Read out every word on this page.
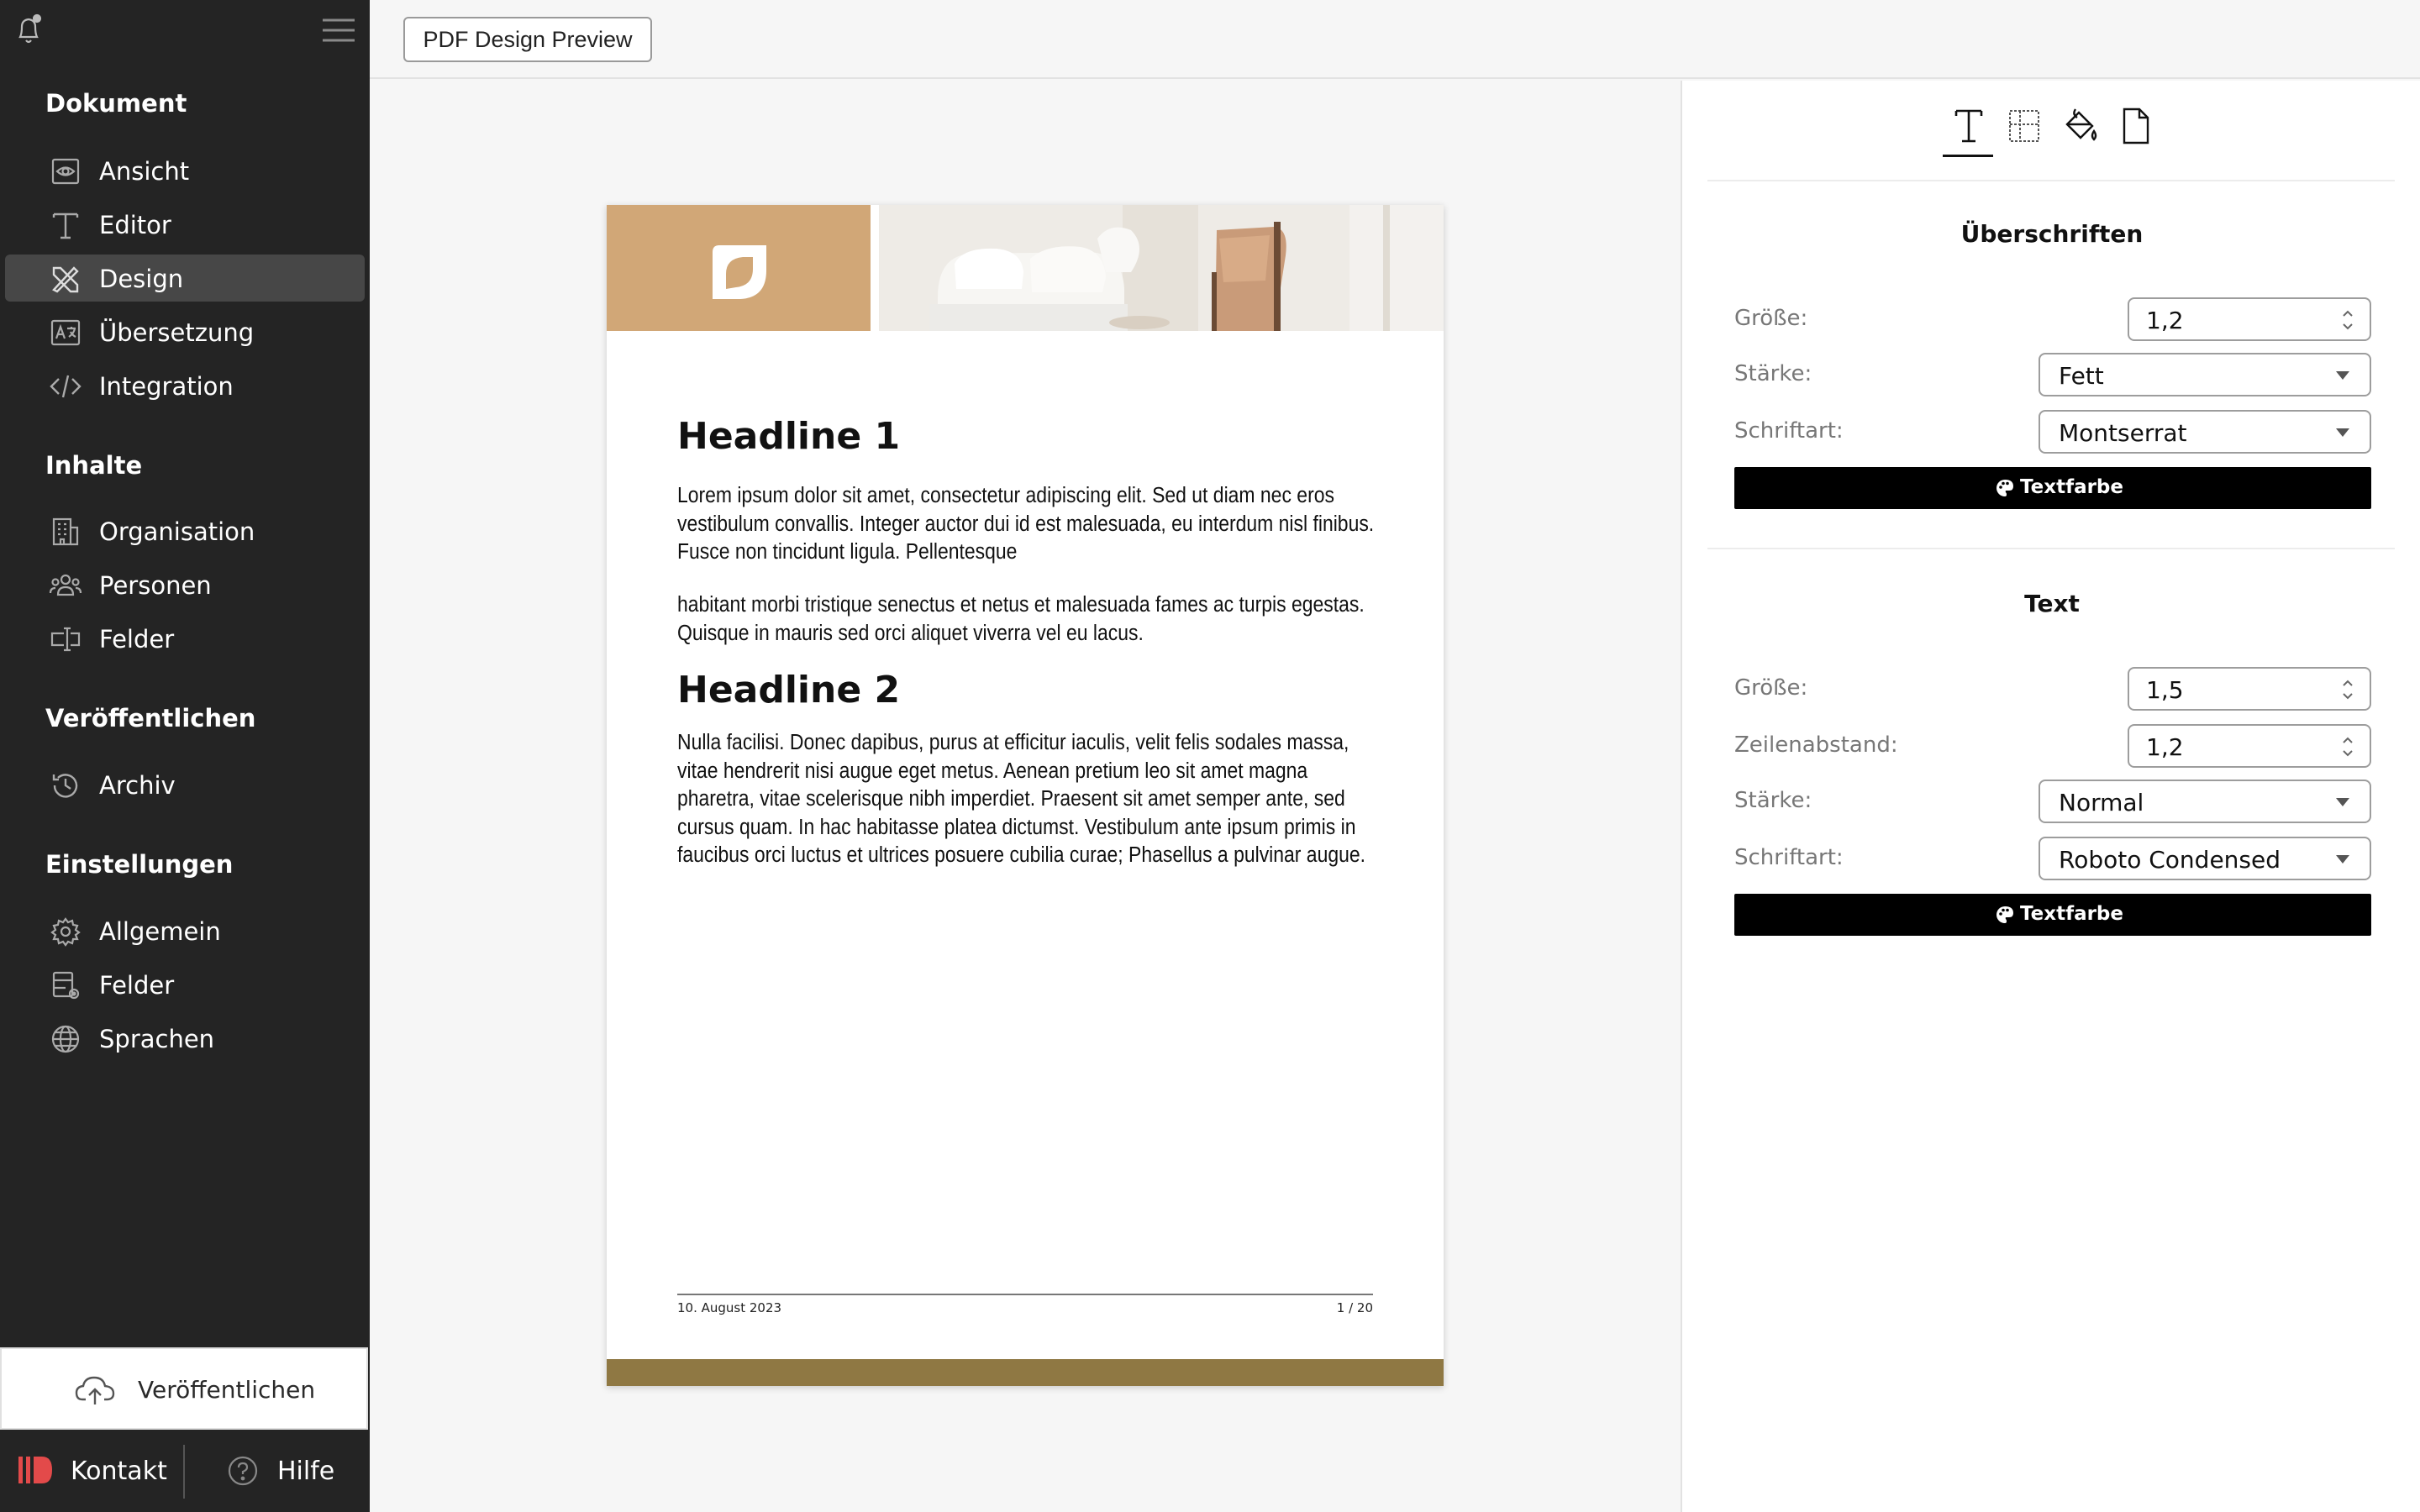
Dokument
Ansicht
Editor
Design
Übersetzung
Integration
Inhalte
Organisation
Personen
Felder
Veröffentlichen
Archiv
Einstellungen
Allgemein
Felder
Sprachen
Veröffentlichen
Kontakt	Hilfe
PDF Design Preview
Headline 1
Lorem ipsum dolor sit amet, consectetur adipiscing elit. Sed ut diam nec eros vestibulum convallis. Integer auctor dui id est malesuada, eu interdum nisl finibus. Fusce non tincidunt ligula. Pellentesque
habitant morbi tristique senectus et netus et malesuada fames ac turpis egestas. Quisque in mauris sed orci aliquet viverra vel eu lacus.
Headline 2
Nulla facilisi. Donec dapibus, purus at efficitur iaculis, velit felis sodales massa, vitae hendrerit nisi augue eget metus. Aenean pretium leo sit amet magna pharetra, vitae scelerisque nibh imperdiet. Praesent sit amet semper ante, sed cursus quam. In hac habitasse platea dictumst. Vestibulum ante ipsum primis in faucibus orci luctus et ultrices posuere cubilia curae; Phasellus a pulvinar augue.
10. August 2023	1 / 20
Überschriften
Größe:
1,2
Stärke:	Fett
Schriftart:	Montserrat
Textfarbe
Text
Größe:
1,5
Zeilenabstand:
1,2
Stärke:	Normal
Schriftart:	Roboto Condensed
Textfarbe
